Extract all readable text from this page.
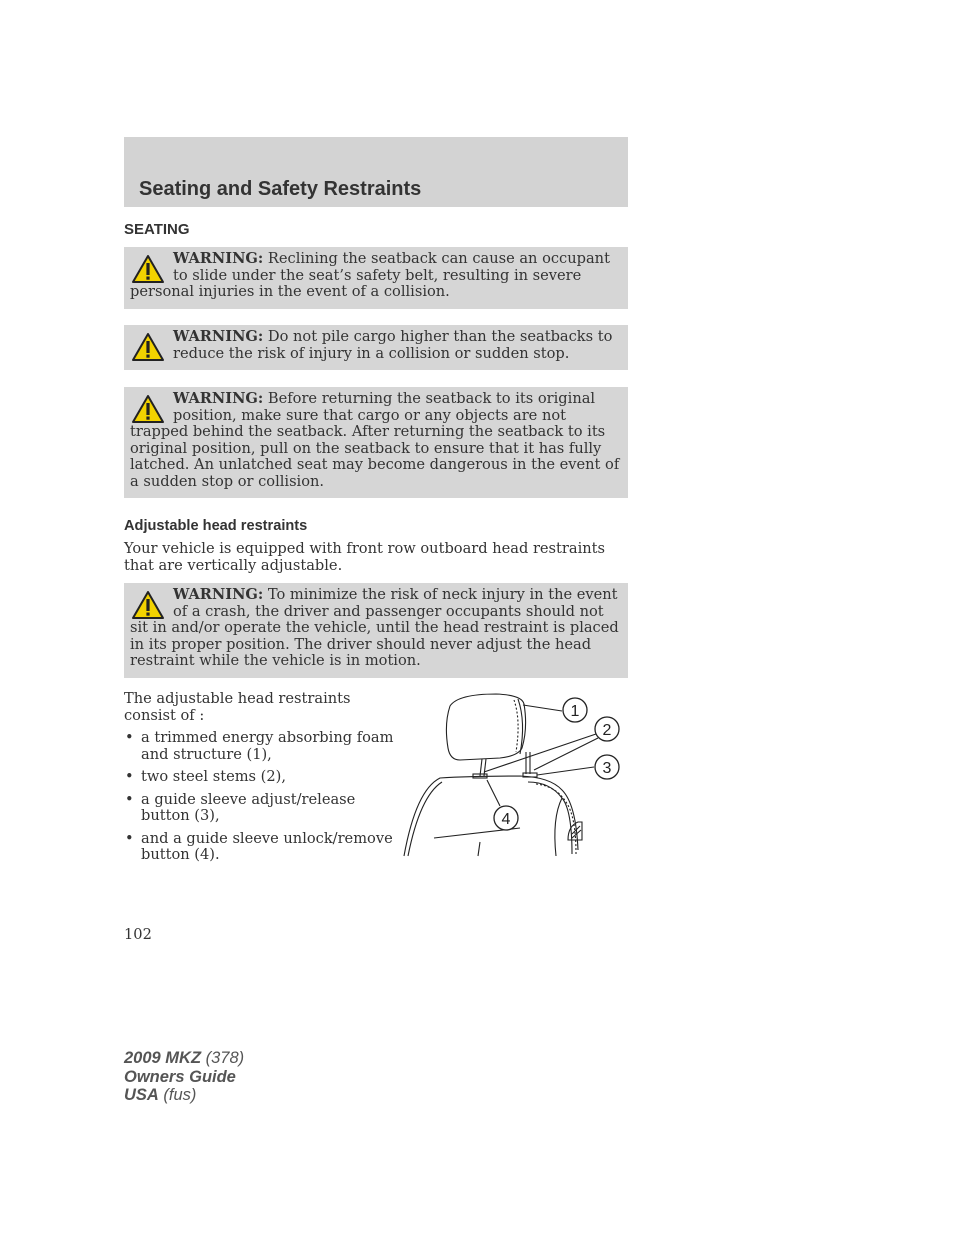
Seating and Safety Restraints
SEATING

WARNING: Reclining the seatback can cause an occupant to slide under the seat’s safety belt, resulting in severe personal injuries in the event of a collision.

WARNING: Do not pile cargo higher than the seatbacks to reduce the risk of injury in a collision or sudden stop.

WARNING: Before returning the seatback to its original position, make sure that cargo or any objects are not trapped behind the seatback. After returning the seatback to its original position, pull on the seatback to ensure that it has fully latched. An unlatched seat may become dangerous in the event of a sudden stop or collision.

Adjustable head restraints

Your vehicle is equipped with front row outboard head restraints that are vertically adjustable.

WARNING: To minimize the risk of neck injury in the event of a crash, the driver and passenger occupants should not sit in and/or operate the vehicle, until the head restraint is placed in its proper position. The driver should never adjust the head restraint while the vehicle is in motion.

The adjustable head restraints consist of :

• a trimmed energy absorbing foam and structure (1),
• two steel stems (2),
• a guide sleeve adjust/release button (3),
• and a guide sleeve unlock/remove button (4).
1
2
3
4

102

2009 MKZ (378)
Owners Guide
USA (fus)
